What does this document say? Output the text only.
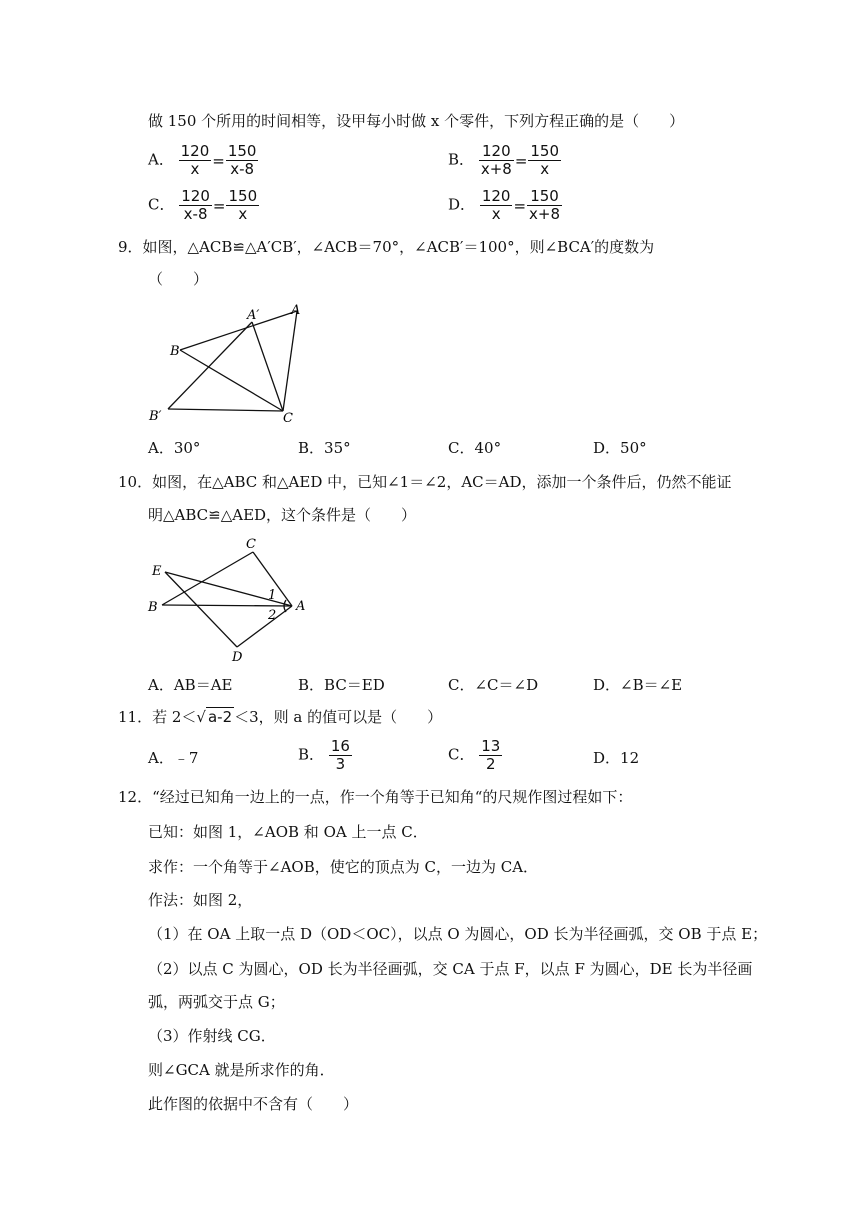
做 150 个所用的时间相等，设甲每小时做 x 个零件，下列方程正确的是（　　）
A． $\frac{120}{x} = \frac{150}{x-8}$	B． $\frac{120}{x+8} = \frac{150}{x}$
C． $\frac{120}{x-8} = \frac{150}{x}$	D． $\frac{120}{x} = \frac{150}{x+8}$
9．如图，△ACB≌△A′CB′，∠ACB＝70°，∠ACB′＝100°，则∠BCA′的度数为
（　　）
A
A′
B
B′	C
A．30°	B．35°	C．40°	D．50°
10．如图，在△ABC 和△AED 中，已知∠1＝∠2，AC＝AD，添加一个条件后，仍然不能证
明△ABC≌△AED，这个条件是（　　）
C
E
B	A
D
1
2
A．AB＝AE	B．BC＝ED	C．∠C＝∠D	D．∠B＝∠E
11．若 2＜√ a-2 ＜3，则 a 的值可以是（　　）
A．﹣7	B． $\frac{16}{3}$	C． $\frac{13}{2}$	D．12
12．“经过已知角一边上的一点，作一个角等于已知角“的尺规作图过程如下：
已知：如图 1，∠AOB 和 OA 上一点 C．
求作：一个角等于∠AOB，使它的顶点为 C，一边为 CA．
作法：如图 2，
（1）在 OA 上取一点 D（OD＜OC），以点 O 为圆心，OD 长为半径画弧，交 OB 于点 E；
（2）以点 C 为圆心，OD 长为半径画弧，交 CA 于点 F，以点 F 为圆心，DE 长为半径画
弧，两弧交于点 G；
（3）作射线 CG．
则∠GCA 就是所求作的角．
此作图的依据中不含有（　　）
